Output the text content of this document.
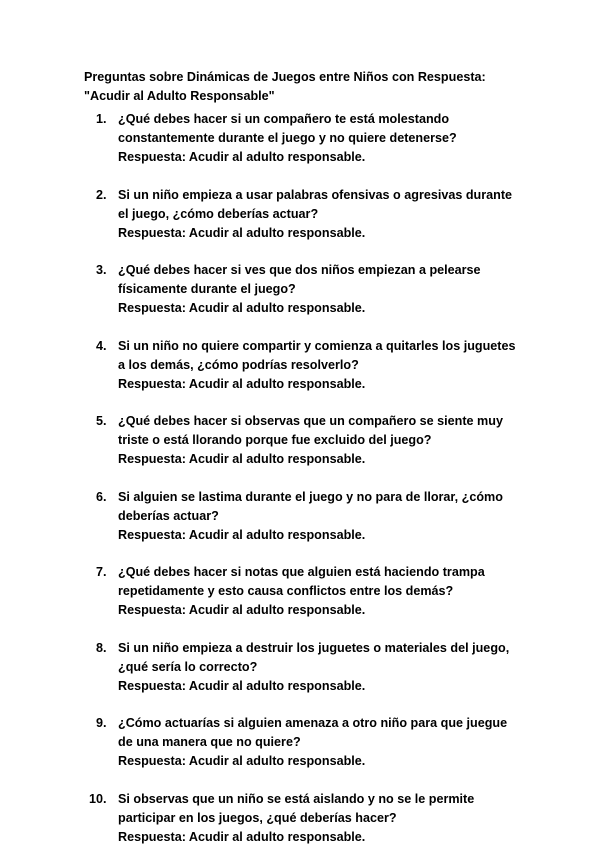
Preguntas sobre Dinámicas de Juegos entre Niños con Respuesta: "Acudir al Adulto Responsable"
1. ¿Qué debes hacer si un compañero te está molestando constantemente durante el juego y no quiere detenerse?
Respuesta: Acudir al adulto responsable.
2. Si un niño empieza a usar palabras ofensivas o agresivas durante el juego, ¿cómo deberías actuar?
Respuesta: Acudir al adulto responsable.
3. ¿Qué debes hacer si ves que dos niños empiezan a pelearse físicamente durante el juego?
Respuesta: Acudir al adulto responsable.
4. Si un niño no quiere compartir y comienza a quitarles los juguetes a los demás, ¿cómo podrías resolverlo?
Respuesta: Acudir al adulto responsable.
5. ¿Qué debes hacer si observas que un compañero se siente muy triste o está llorando porque fue excluido del juego?
Respuesta: Acudir al adulto responsable.
6. Si alguien se lastima durante el juego y no para de llorar, ¿cómo deberías actuar?
Respuesta: Acudir al adulto responsable.
7. ¿Qué debes hacer si notas que alguien está haciendo trampa repetidamente y esto causa conflictos entre los demás?
Respuesta: Acudir al adulto responsable.
8. Si un niño empieza a destruir los juguetes o materiales del juego, ¿qué sería lo correcto?
Respuesta: Acudir al adulto responsable.
9. ¿Cómo actuarías si alguien amenaza a otro niño para que juegue de una manera que no quiere?
Respuesta: Acudir al adulto responsable.
10. Si observas que un niño se está aislando y no se le permite participar en los juegos, ¿qué deberías hacer?
Respuesta: Acudir al adulto responsable.
